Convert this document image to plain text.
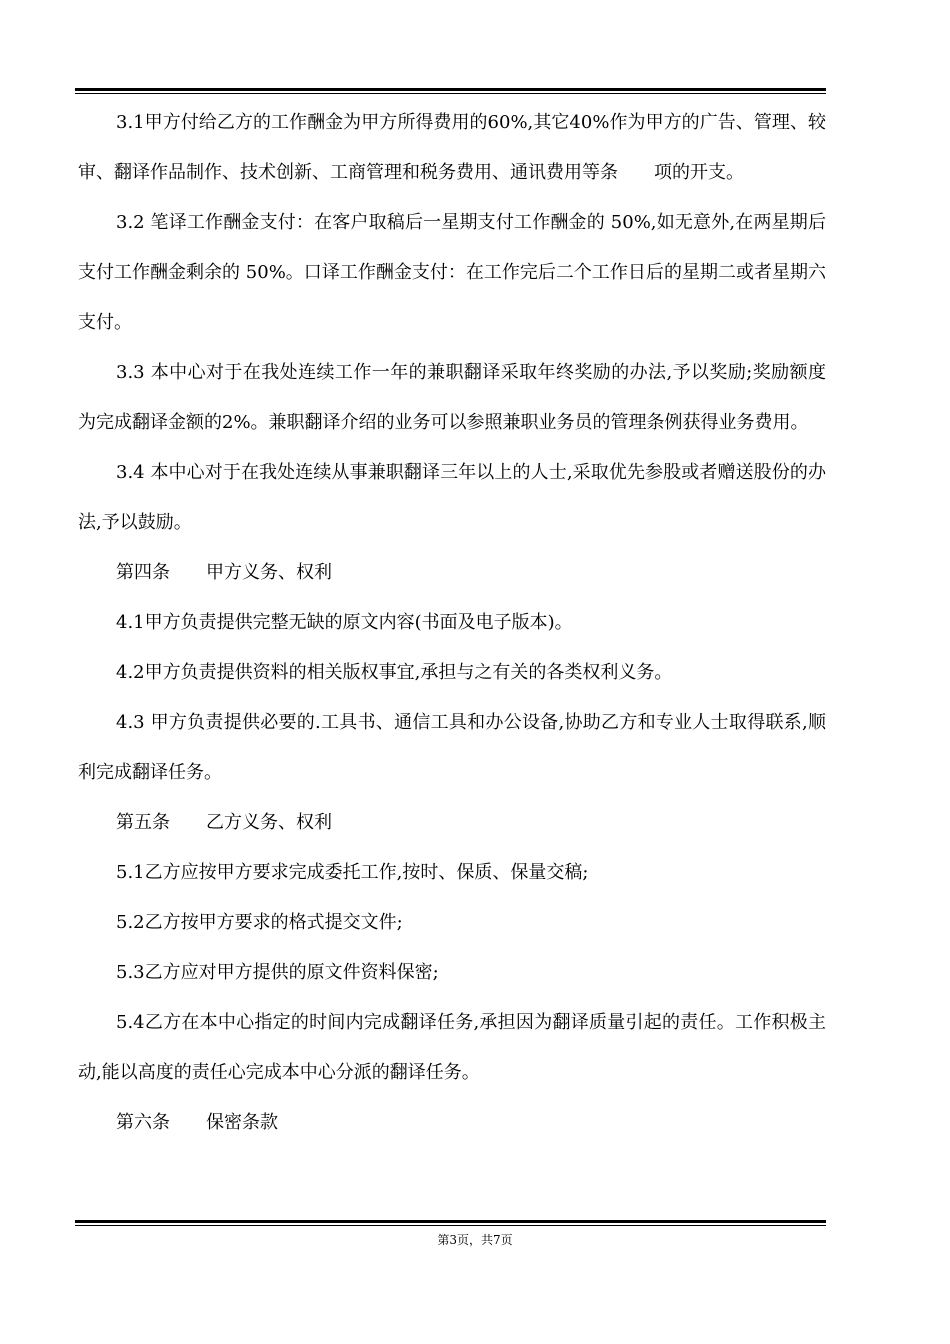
3.1甲方付给乙方的工作酬金为甲方所得费用的60%,其它40%作为甲方的广告、管理、较审、翻译作品制作、技术创新、工商管理和税务费用、通讯费用等条　　项的开支。

3.2 笔译工作酬金支付：在客户取稿后一星期支付工作酬金的 50%,如无意外,在两星期后支付工作酬金剩余的 50%。口译工作酬金支付：在工作完后二个工作日后的星期二或者星期六支付。

3.3 本中心对于在我处连续工作一年的兼职翻译采取年终奖励的办法,予以奖励;奖励额度为完成翻译金额的2%。兼职翻译介绍的业务可以参照兼职业务员的管理条例获得业务费用。

3.4 本中心对于在我处连续从事兼职翻译三年以上的人士,采取优先参股或者赠送股份的办法,予以鼓励。

第四条　　甲方义务、权利

4.1甲方负责提供完整无缺的原文内容(书面及电子版本)。

4.2甲方负责提供资料的相关版权事宜,承担与之有关的各类权利义务。

4.3 甲方负责提供必要的.工具书、通信工具和办公设备,协助乙方和专业人士取得联系,顺利完成翻译任务。

第五条　　乙方义务、权利

5.1乙方应按甲方要求完成委托工作,按时、保质、保量交稿;

5.2乙方按甲方要求的格式提交文件;

5.3乙方应对甲方提供的原文件资料保密;

5.4乙方在本中心指定的时间内完成翻译任务,承担因为翻译质量引起的责任。工作积极主动,能以高度的责任心完成本中心分派的翻译任务。

第六条　　保密条款

第3页，共7页
